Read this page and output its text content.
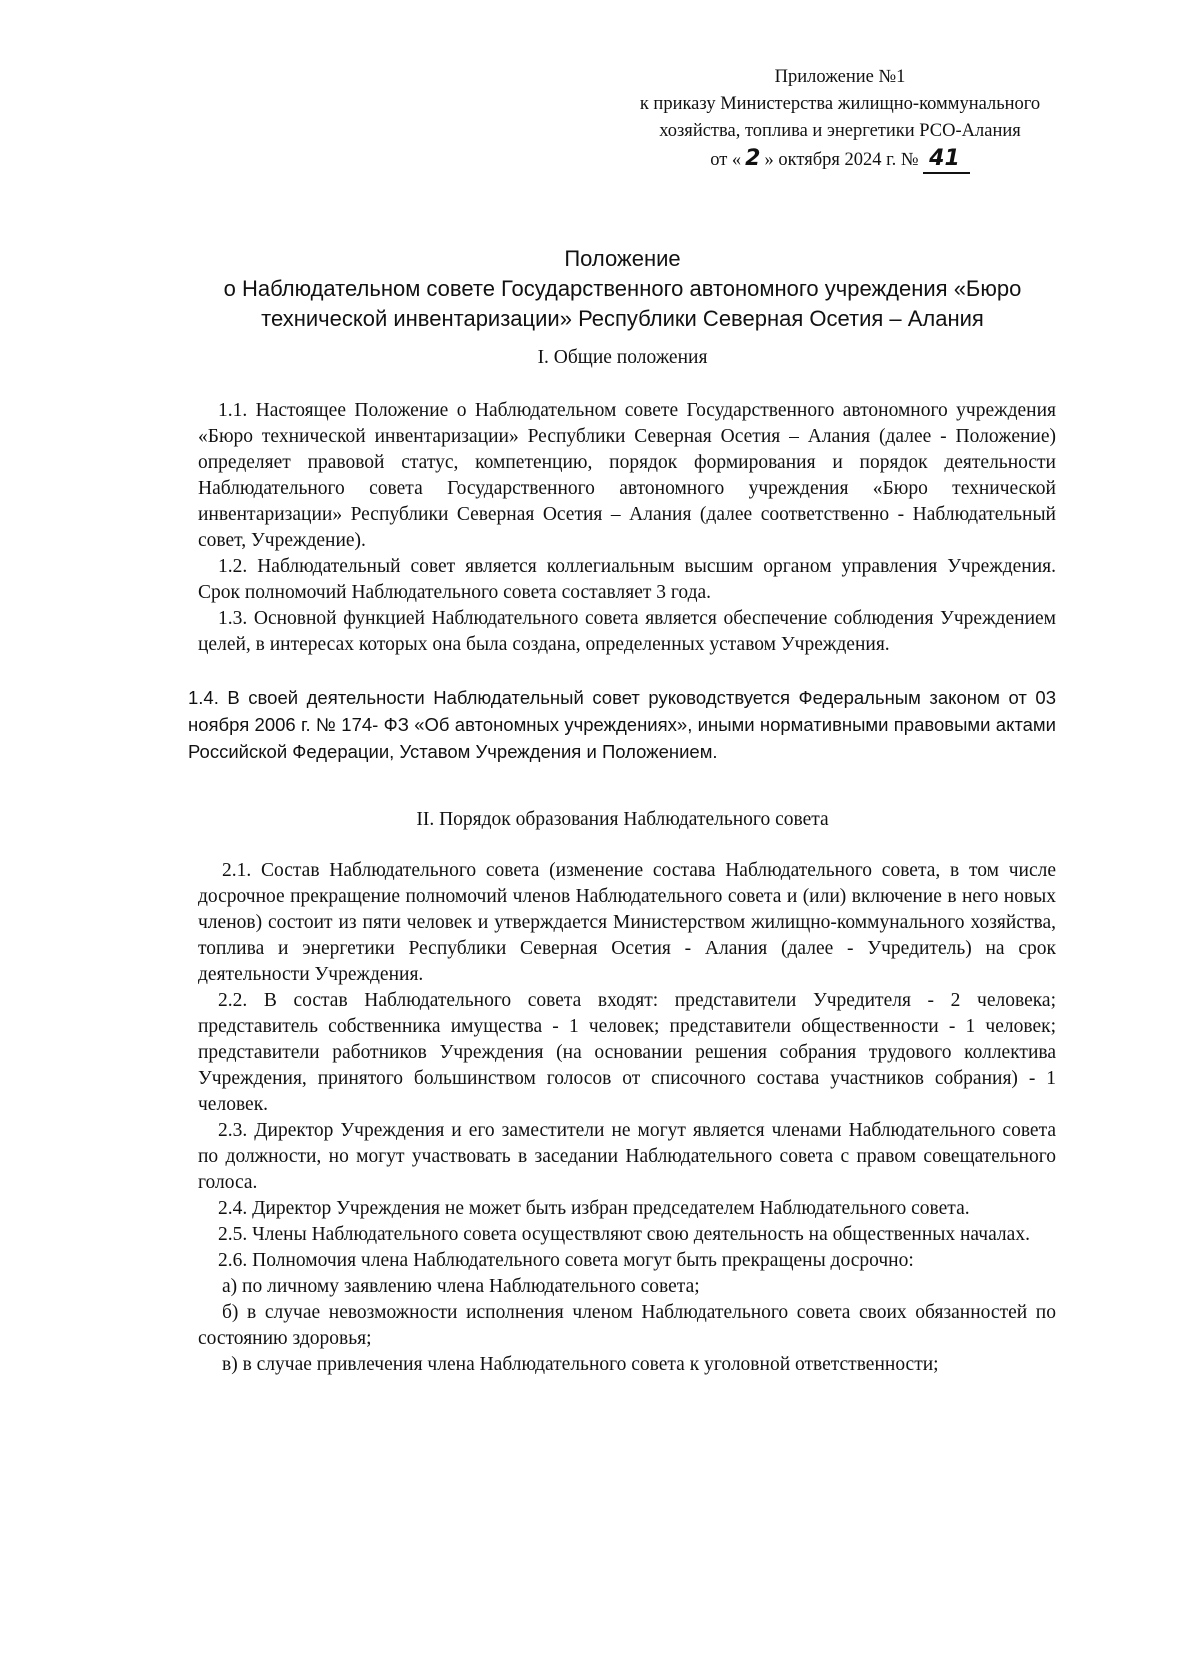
Приложение №1
к приказу Министерства жилищно-коммунального
хозяйства, топлива и энергетики РСО-Алания
от « 2 » октября 2024 г. № 41
Положение
о Наблюдательном совете Государственного автономного учреждения «Бюро
технической инвентаризации» Республики Северная Осетия – Алания
I. Общие положения

1.1. Настоящее Положение о Наблюдательном совете Государственного автономного учреждения «Бюро технической инвентаризации» Республики Северная Осетия – Алания (далее - Положение) определяет правовой статус, компетенцию, порядок формирования и порядок деятельности Наблюдательного совета Государственного автономного учреждения «Бюро технической инвентаризации» Республики Северная Осетия – Алания (далее соответственно - Наблюдательный совет, Учреждение).

1.2. Наблюдательный совет является коллегиальным высшим органом управления Учреждения. Срок полномочий Наблюдательного совета составляет 3 года.

1.3. Основной функцией Наблюдательного совета является обеспечение соблюдения Учреждением целей, в интересах которых она была создана, определенных уставом Учреждения.

1.4. В своей деятельности Наблюдательный совет руководствуется Федеральным законом от 03 ноября 2006 г. № 174- ФЗ «Об автономных учреждениях», иными нормативными правовыми актами Российской Федерации, Уставом Учреждения и Положением.

II. Порядок образования Наблюдательного совета

2.1. Состав Наблюдательного совета (изменение состава Наблюдательного совета, в том числе досрочное прекращение полномочий членов Наблюдательного совета и (или) включение в него новых членов) состоит из пяти человек и утверждается Министерством жилищно-коммунального хозяйства, топлива и энергетики Республики Северная Осетия - Алания (далее - Учредитель) на срок деятельности Учреждения.

2.2. В состав Наблюдательного совета входят: представители Учредителя - 2 человека; представитель собственника имущества - 1 человек; представители общественности - 1 человек; представители работников Учреждения (на основании решения собрания трудового коллектива Учреждения, принятого большинством голосов от списочного состава участников собрания) - 1 человек.

2.3. Директор Учреждения и его заместители не могут является членами Наблюдательного совета по должности, но могут участвовать в заседании Наблюдательного совета с правом совещательного голоса.

2.4. Директор Учреждения не может быть избран председателем Наблюдательного совета.

2.5. Члены Наблюдательного совета осуществляют свою деятельность на общественных началах.

2.6. Полномочия члена Наблюдательного совета могут быть прекращены досрочно:

а) по личному заявлению члена Наблюдательного совета;

б) в случае невозможности исполнения членом Наблюдательного совета своих обязанностей по состоянию здоровья;

в) в случае привлечения члена Наблюдательного совета к уголовной ответственности;
